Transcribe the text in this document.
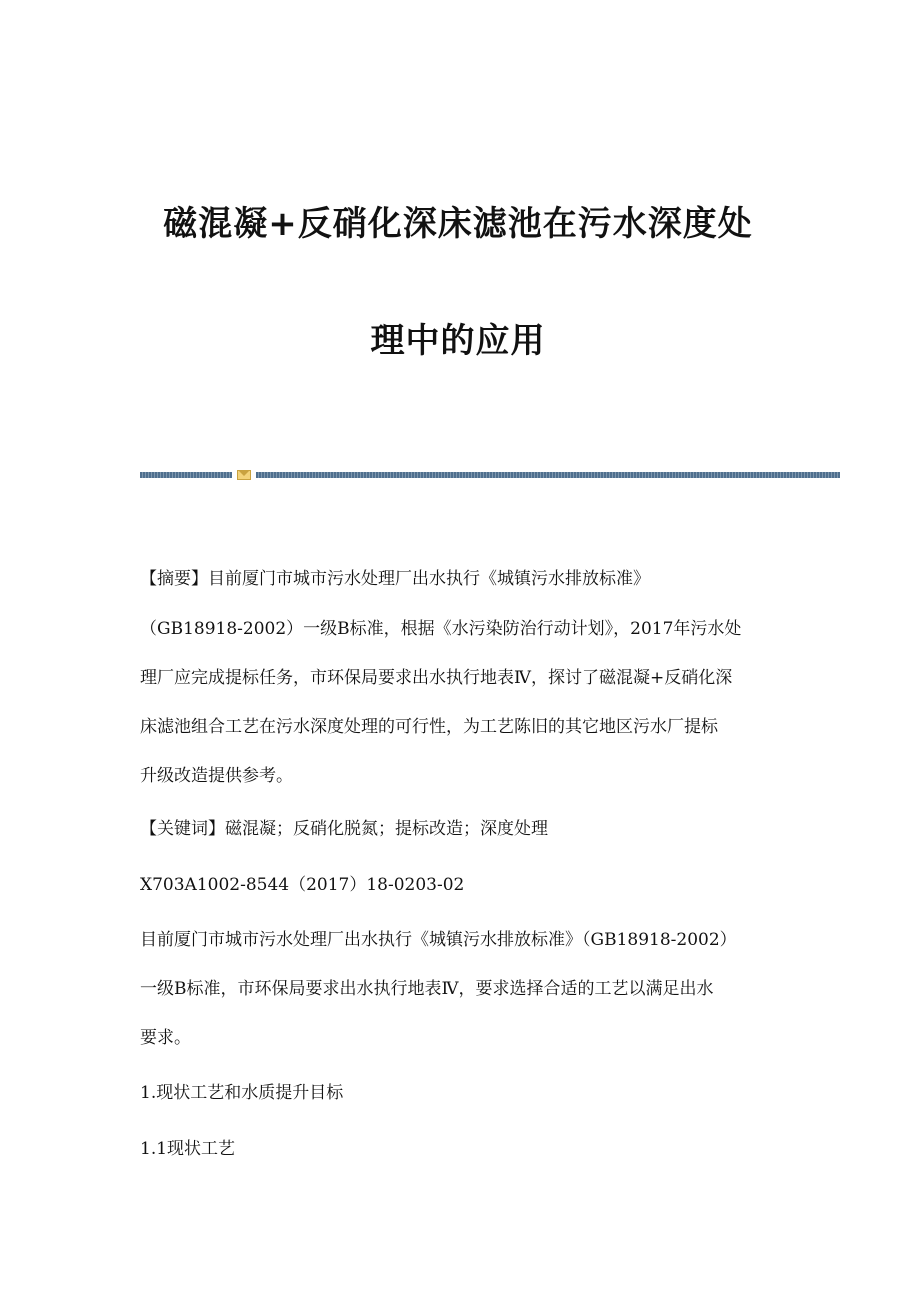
磁混凝+反硝化深床滤池在污水深度处
理中的应用
【摘要】目前厦门市城市污水处理厂出水执行《城镇污水排放标准》
（GB18918-2002）一级B标准，根据《水污染防治行动计划》，2017年污水处
理厂应完成提标任务，市环保局要求出水执行地表Ⅳ，探讨了磁混凝+反硝化深
床滤池组合工艺在污水深度处理的可行性，为工艺陈旧的其它地区污水厂提标
升级改造提供参考。
【关键词】磁混凝；反硝化脱氮；提标改造；深度处理
X703A1002-8544（2017）18-0203-02
目前厦门市城市污水处理厂出水执行《城镇污水排放标准》（GB18918-2002）
一级B标准，市环保局要求出水执行地表Ⅳ，要求选择合适的工艺以满足出水
要求。
1.现状工艺和水质提升目标
1.1现状工艺
